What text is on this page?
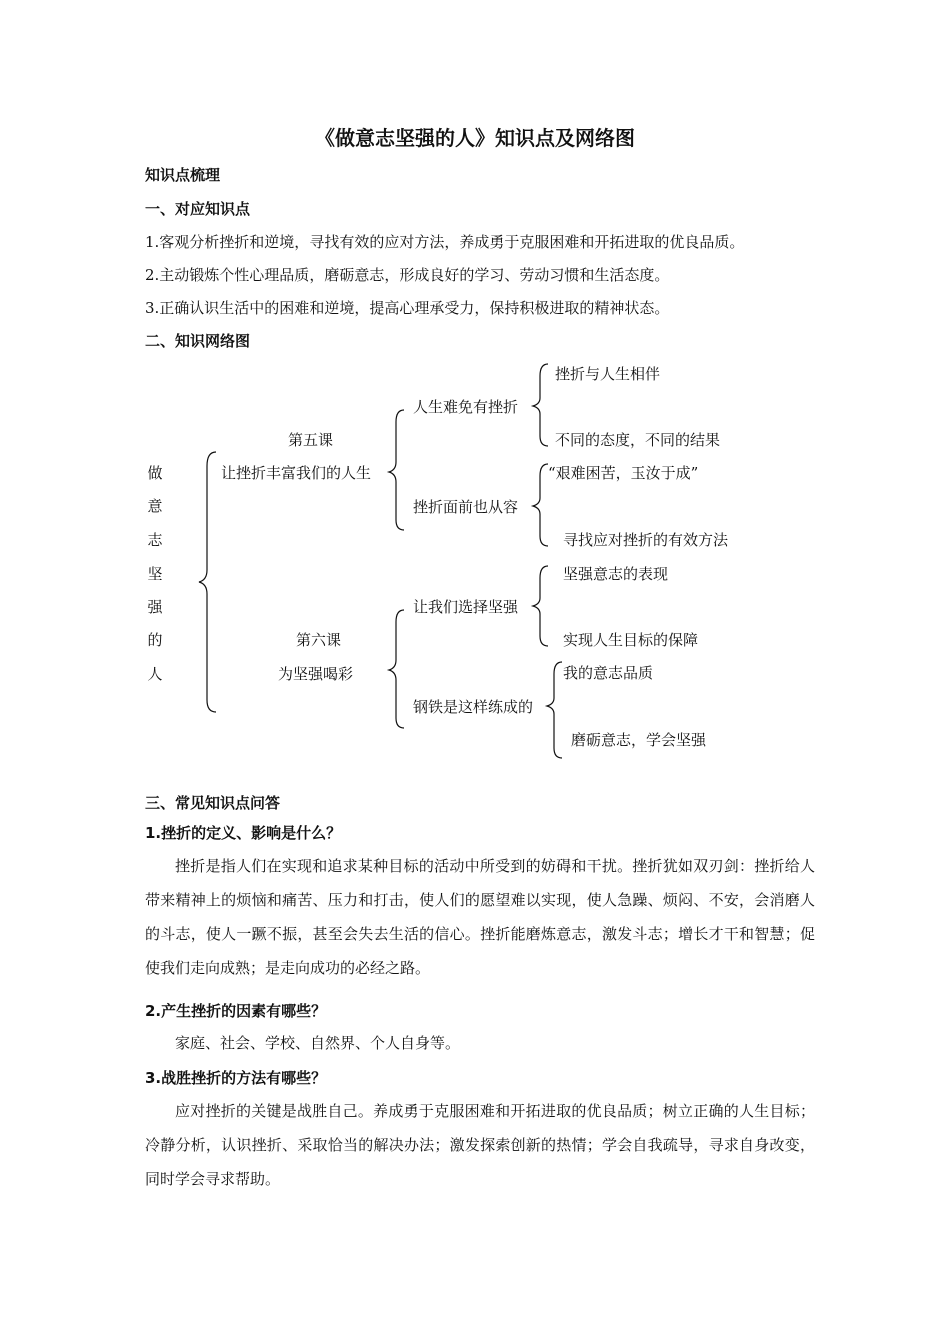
《做意志坚强的人》知识点及网络图
知识点梳理
一、对应知识点
1.客观分析挫折和逆境，寻找有效的应对方法，养成勇于克服困难和开拓进取的优良品质。
2.主动锻炼个性心理品质，磨砺意志，形成良好的学习、劳动习惯和生活态度。
3.正确认识生活中的困难和逆境，提高心理承受力，保持积极进取的精神状态。
二、知识网络图
做
意
志
坚
强
的
人
第五课
让挫折丰富我们的人生
第六课
为坚强喝彩
人生难免有挫折
挫折面前也从容
让我们选择坚强
钢铁是这样练成的
挫折与人生相伴
不同的态度，不同的结果
“艰难困苦，玉汝于成”
寻找应对挫折的有效方法
坚强意志的表现
实现人生目标的保障
我的意志品质
磨砺意志，学会坚强
三、常见知识点问答
1.挫折的定义、影响是什么？
挫折是指人们在实现和追求某种目标的活动中所受到的妨碍和干扰。挫折犹如双刃剑：挫折给人带来精神上的烦恼和痛苦、压力和打击，使人们的愿望难以实现，使人急躁、烦闷、不安，会消磨人的斗志，使人一蹶不振，甚至会失去生活的信心。挫折能磨炼意志，激发斗志；增长才干和智慧；促使我们走向成熟；是走向成功的必经之路。
2.产生挫折的因素有哪些？
家庭、社会、学校、自然界、个人自身等。
3.战胜挫折的方法有哪些？
应对挫折的关键是战胜自己。养成勇于克服困难和开拓进取的优良品质；树立正确的人生目标；冷静分析，认识挫折、采取恰当的解决办法；激发探索创新的热情；学会自我疏导，寻求自身改变，同时学会寻求帮助。
